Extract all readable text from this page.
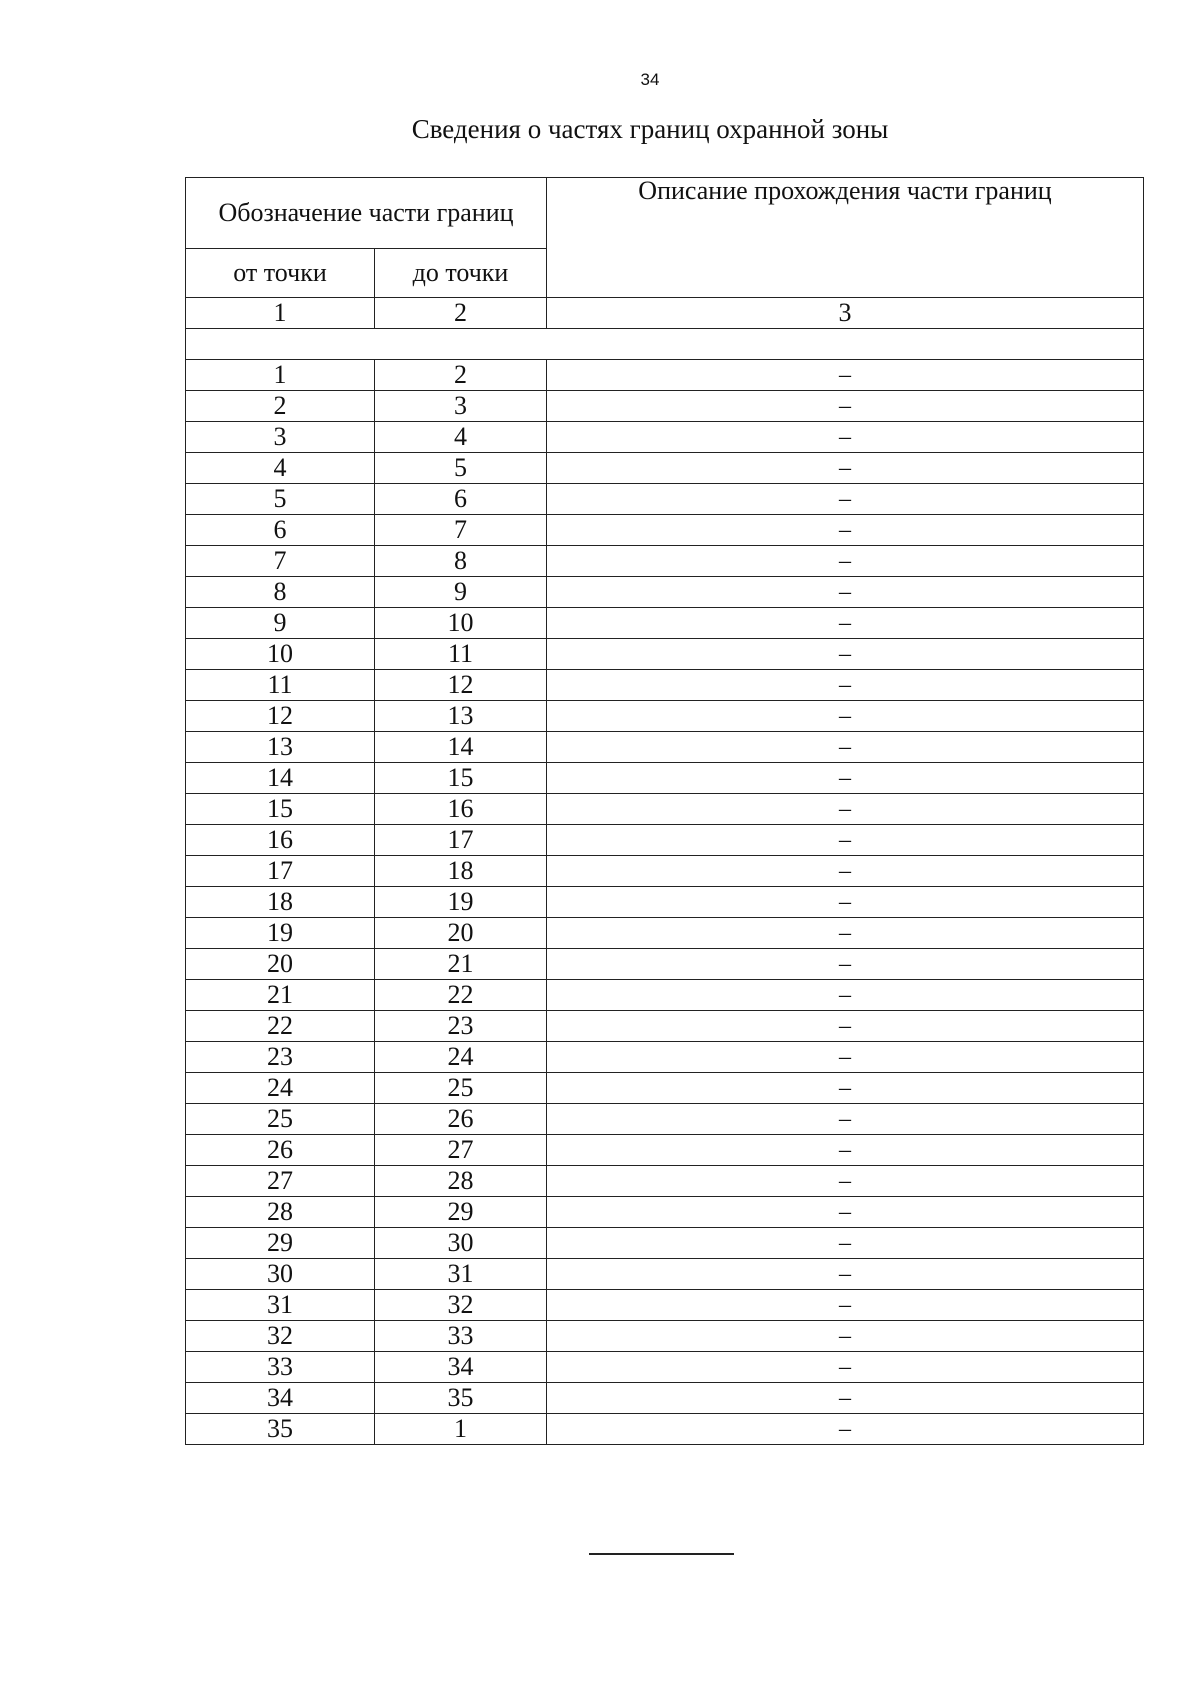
34
Сведения о частях границ охранной зоны
Обозначение части границ		Описание прохождения части границ
от точки	до точки	
1	2	3

1	2	–
2	3	–
3	4	–
4	5	–
5	6	–
6	7	–
7	8	–
8	9	–
9	10	–
10	11	–
11	12	–
12	13	–
13	14	–
14	15	–
15	16	–
16	17	–
17	18	–
18	19	–
19	20	–
20	21	–
21	22	–
22	23	–
23	24	–
24	25	–
25	26	–
26	27	–
27	28	–
28	29	–
29	30	–
30	31	–
31	32	–
32	33	–
33	34	–
34	35	–
35	1	–
